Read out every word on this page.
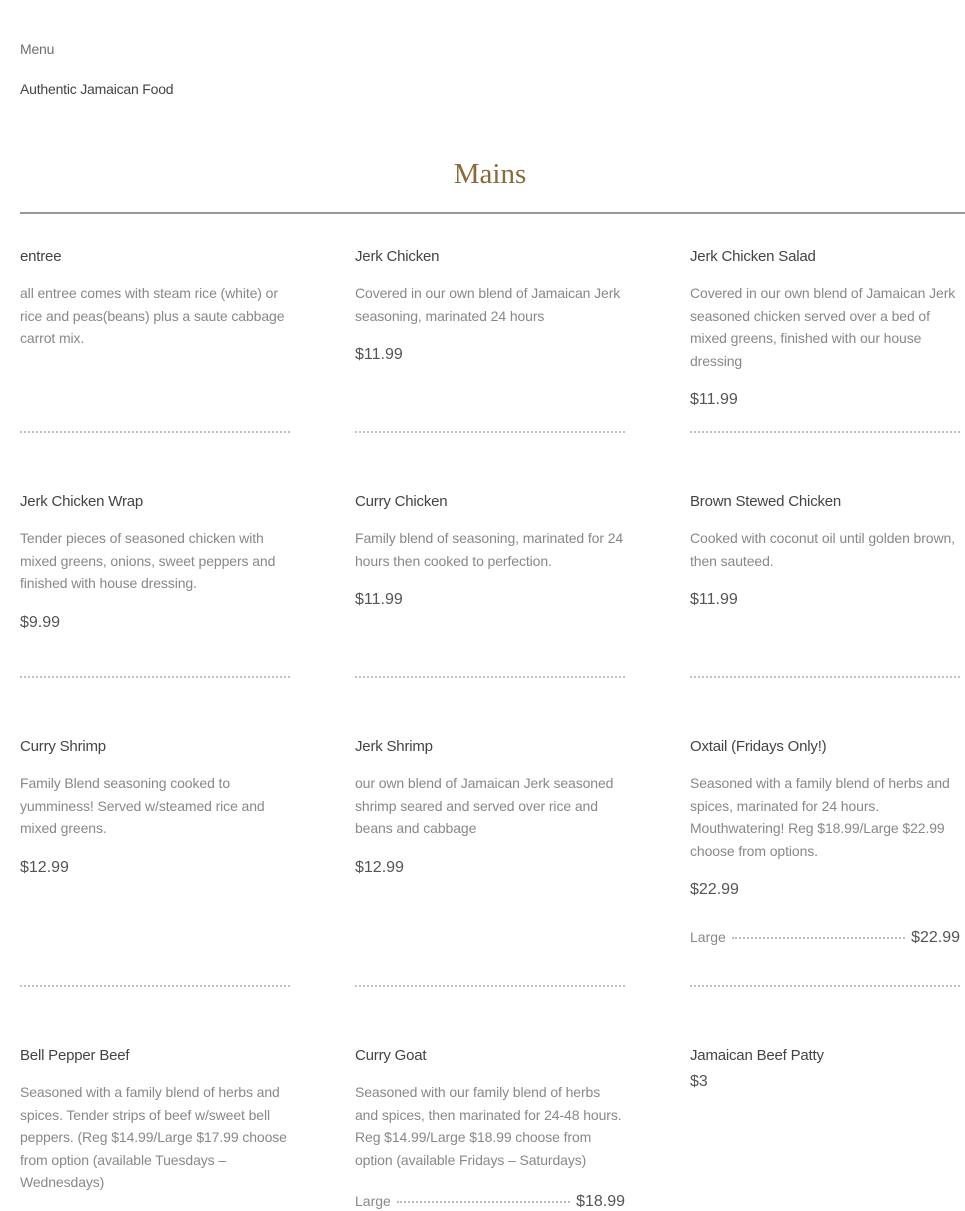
Menu
Authentic Jamaican Food
Mains
entree

all entree comes with steam rice (white) or rice and peas(beans) plus a saute cabbage carrot mix.

Jerk Chicken

Covered in our own blend of Jamaican Jerk seasoning, marinated 24 hours

$11.99
Jerk Chicken Salad

Covered in our own blend of Jamaican Jerk seasoned chicken served over a bed of mixed greens, finished with our house dressing

$11.99
Jerk Chicken Wrap

Tender pieces of seasoned chicken with mixed greens, onions, sweet peppers and finished with house dressing.

$9.99
Curry Chicken

Family blend of seasoning, marinated for 24 hours then cooked to perfection.

$11.99
Brown Stewed Chicken

Cooked with coconut oil until golden brown, then sauteed.

$11.99
Curry Shrimp

Family Blend seasoning cooked to yumminess! Served w/steamed rice and mixed greens.

$12.99
Jerk Shrimp

our own blend of Jamaican Jerk seasoned shrimp seared and served over rice and beans and cabbage

$12.99
Oxtail (Fridays Only!)

Seasoned with a family blend of herbs and spices, marinated for 24 hours. Mouthwatering! Reg $18.99/Large $22.99 choose from options.

$22.99
Large	$22.99
Bell Pepper Beef

Seasoned with a family blend of herbs and spices. Tender strips of beef w/sweet bell peppers. (Reg $14.99/Large $17.99 choose from option (available Tuesdays – Wednesdays)

Curry Goat

Seasoned with our family blend of herbs and spices, then marinated for 24-48 hours. Reg $14.99/Large $18.99 choose from option (available Fridays – Saturdays)

Large	$18.99
Jamaican Beef Patty
$3
